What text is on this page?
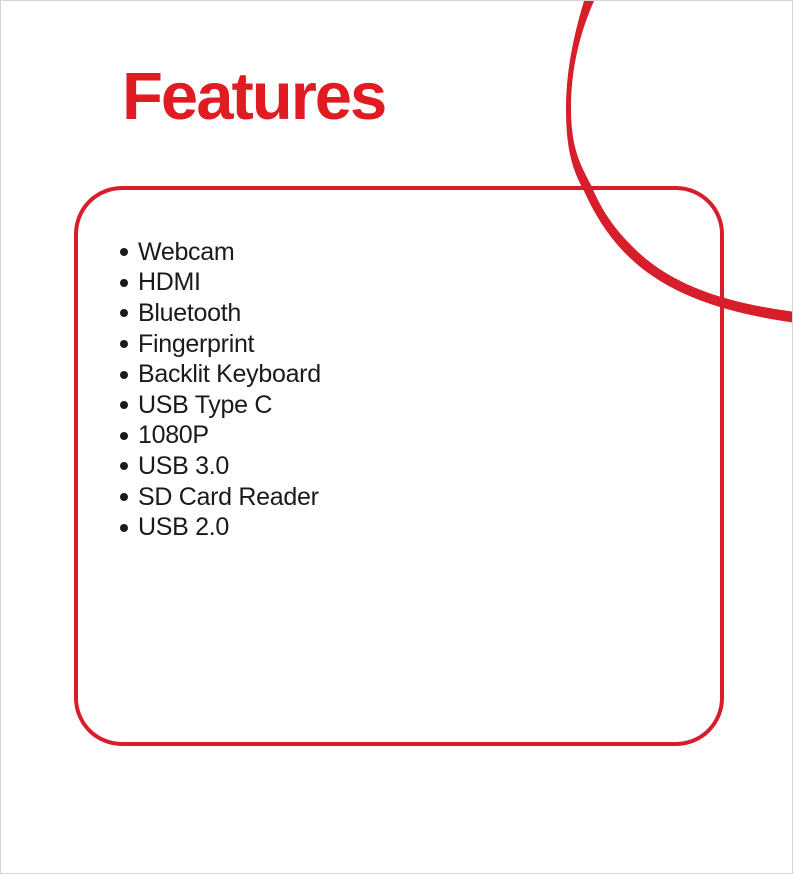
Features
Webcam
HDMI
Bluetooth
Fingerprint
Backlit Keyboard
USB Type C
1080P
USB 3.0
SD Card Reader
USB 2.0
